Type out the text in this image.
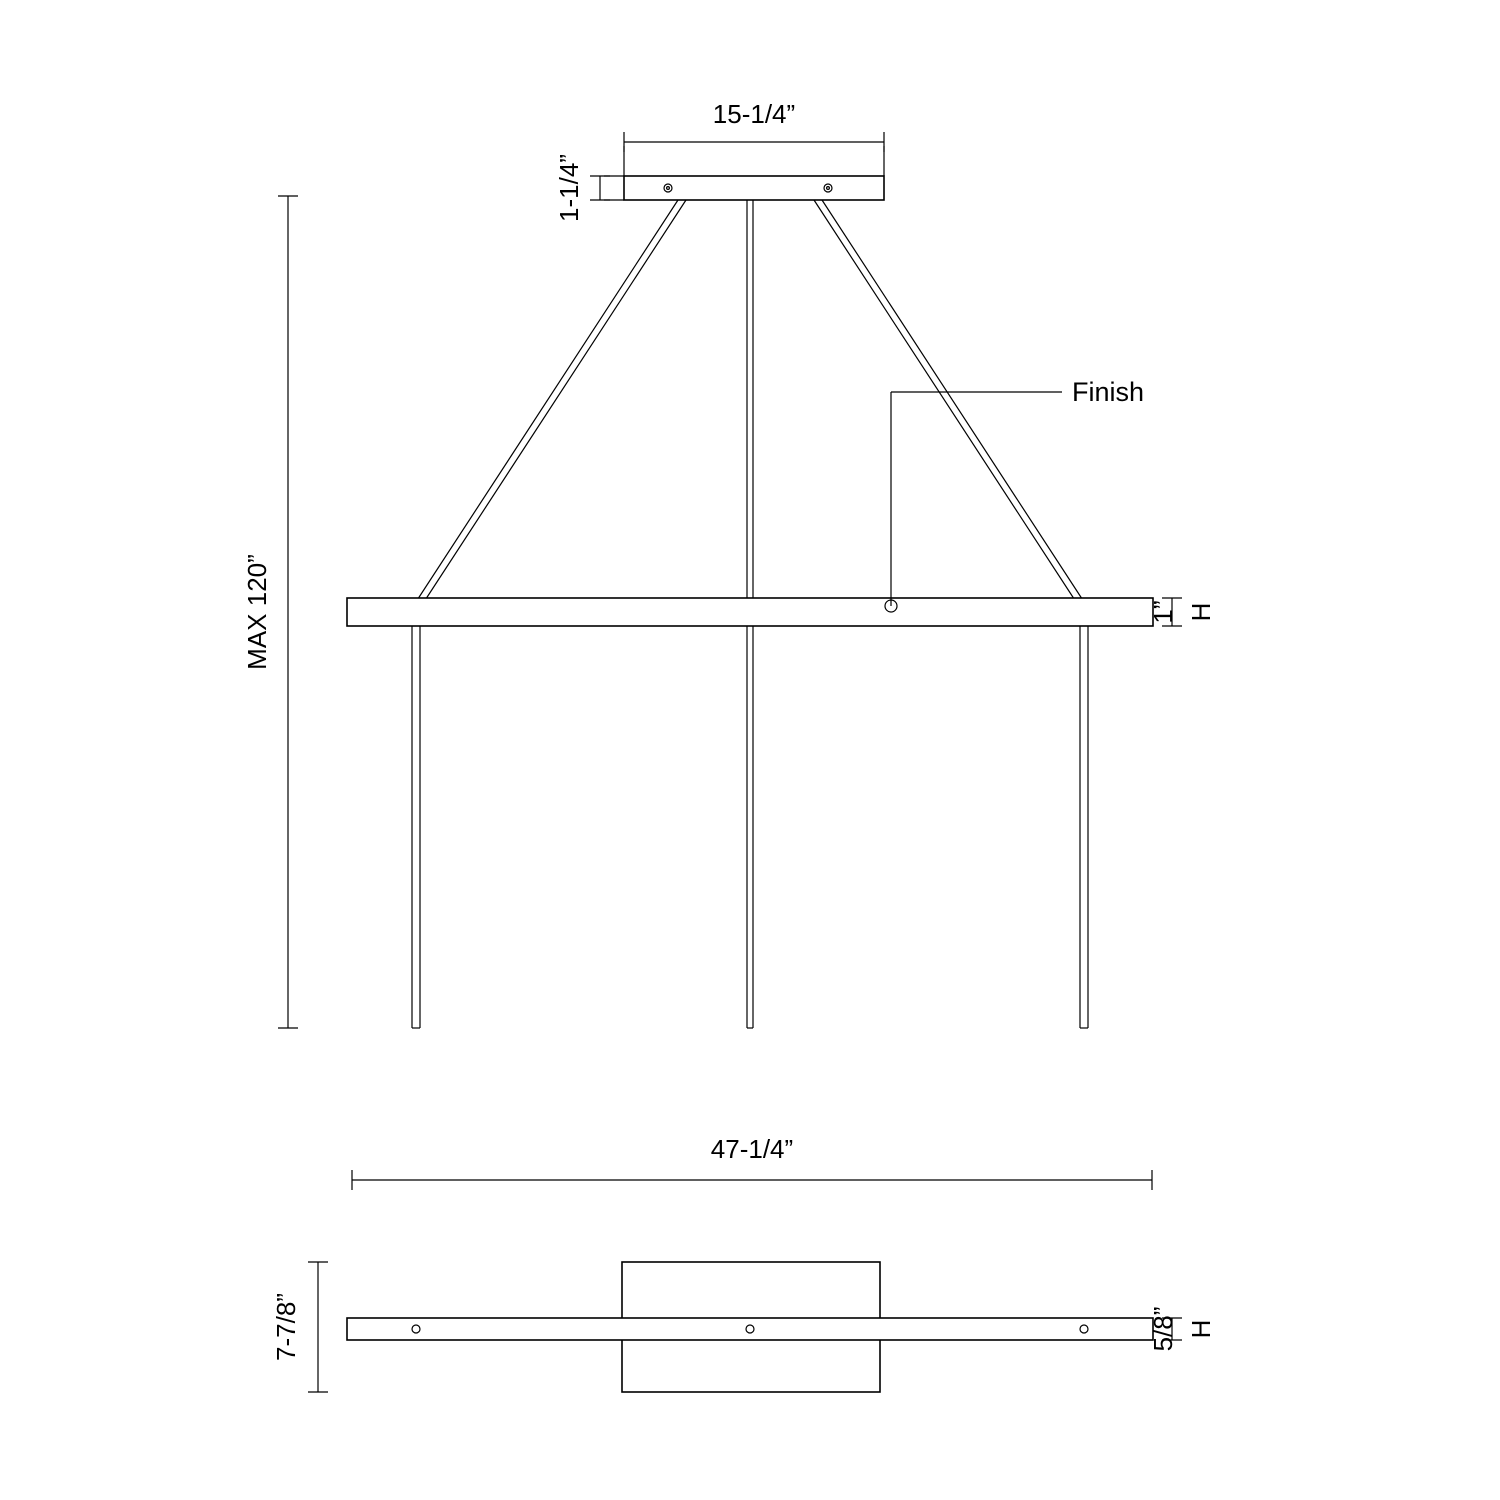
15-1/4”
1-1/4”
MAX 120”	1” H
Finish
47-1/4”
7-7/8”	5/8” H
